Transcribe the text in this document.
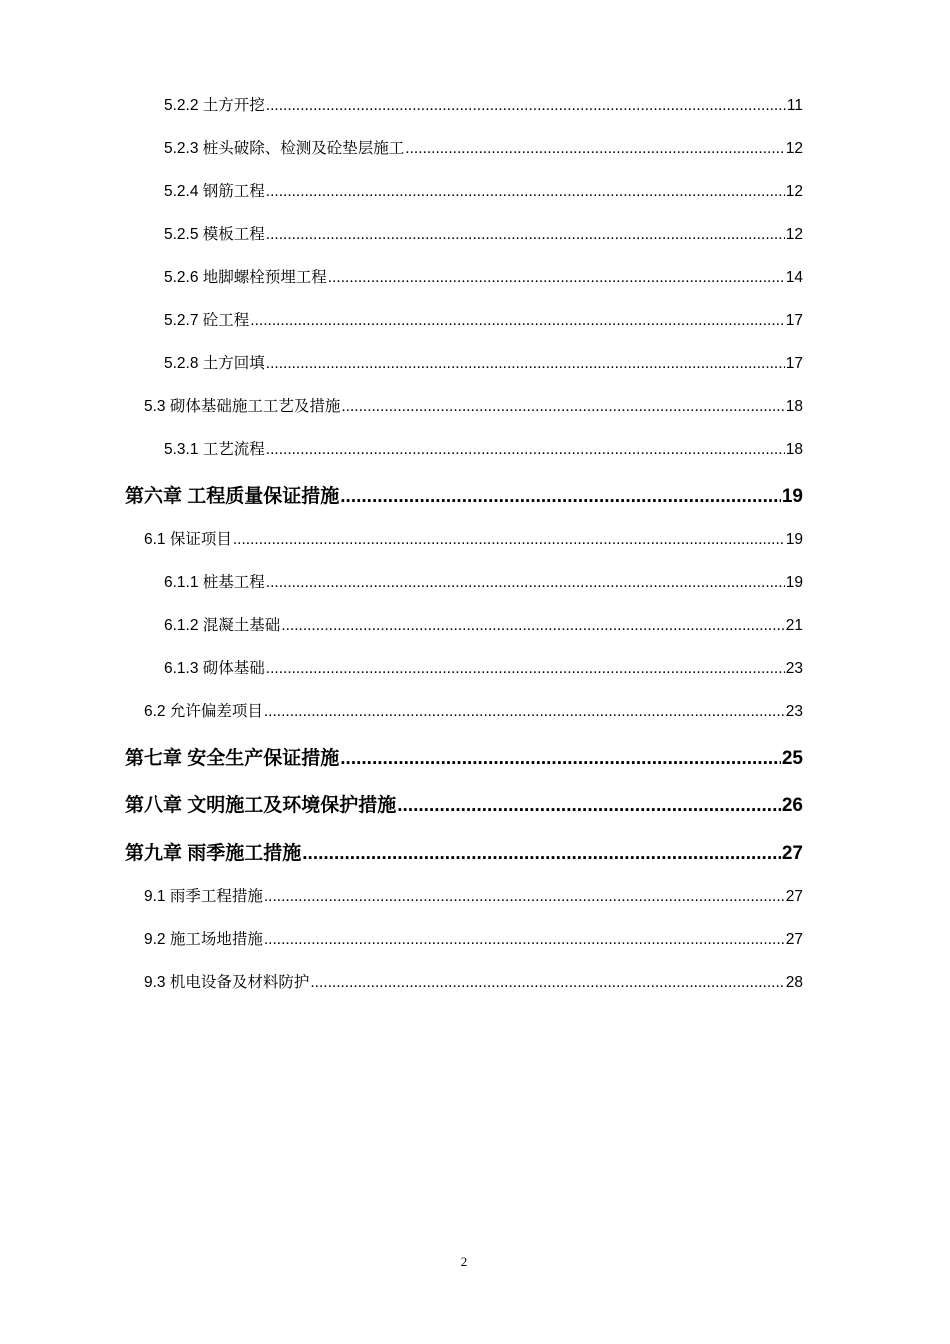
5.2.2 土方开挖 .....	11
5.2.3 桩头破除、检测及砼垫层施工 .....	12
5.2.4 钢筋工程 .....	12
5.2.5 模板工程 .....	12
5.2.6 地脚螺栓预埋工程 .....	14
5.2.7 砼工程 .....	17
5.2.8 土方回填 .....	17
5.3 砌体基础施工工艺及措施 .....	18
5.3.1 工艺流程 .....	18
第六章 工程质量保证措施 .....	19
6.1 保证项目 .....	19
6.1.1 桩基工程 .....	19
6.1.2 混凝土基础 .....	21
6.1.3 砌体基础 .....	23
6.2 允许偏差项目 .....	23
第七章 安全生产保证措施 .....	25
第八章 文明施工及环境保护措施 .....	26
第九章 雨季施工措施 .....	27
9.1 雨季工程措施 .....	27
9.2 施工场地措施 .....	27
9.3 机电设备及材料防护 .....	28
2
